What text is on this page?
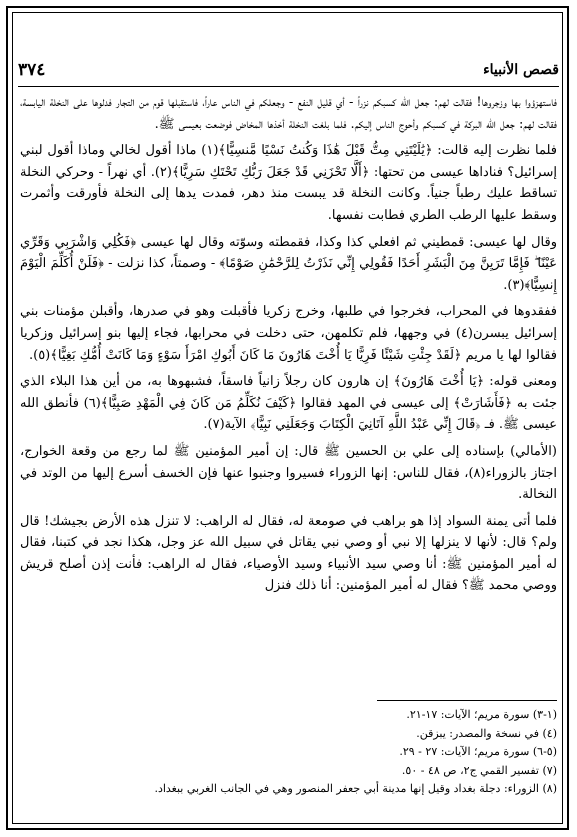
قصص الأنبياء
٣٧٤

فاستهزؤوا بها وزجروها! فقالت لهم: جعل الله كسبكم نزراً - أي قليل النفع - وجعلكم في الناس عاراً، فاستقبلها قوم من التجار فدلوها على النخلة اليابسة، فقالت لهم: جعل الله البركة في كسبكم وأحوج الناس إليكم. فلما بلغت النخلة أخذها المخاض فوضعت بعيسى ﷺ.

فلما نظرت إليه قالت: ﴿يَٰلَيْتَنِي مِتُّ قَبْلَ هَٰذَا وَكُنتُ نَسْيًا مَّنسِيًّا﴾(١) ماذا أقول لخالي وماذا أقول لبني إسرائيل؟ فناداها عيسى من تحتها: ﴿أَلَّا تَحْزَنِي قَدْ جَعَلَ رَبُّكِ تَحْتَكِ سَرِيًّا﴾(٢). أي نهراً - وحركي النخلة تساقط عليك رطباً جنياً. وكانت النخلة قد يبست منذ دهر، فمدت يدها إلى النخلة فأورقت وأثمرت وسقط عليها الرطب الطري فطابت نفسها.

وقال لها عيسى: قمطيني ثم افعلي كذا وكذا، فقمطته وسوّته وقال لها عيسى ﴿فَكُلِي وَاشْرَبِي وَقَرِّي عَيْنًا ۖ فَإِمَّا تَرَيِنَّ مِنَ الْبَشَرِ أَحَدًا فَقُولِي إِنِّي نَذَرْتُ لِلرَّحْمَٰنِ صَوْمًا﴾ - وصمتاً، كذا نزلت - ﴿فَلَنْ أُكَلِّمَ الْيَوْمَ إِنسِيًّا﴾(٣).

ففقدوها في المحراب، فخرجوا في طلبها، وخرج زكريا فأقبلت وهو في صدرها، وأقبلن مؤمنات بني إسرائيل يبسرن(٤) في وجهها، فلم تكلمهن، حتى دخلت في محرابها، فجاء إليها بنو إسرائيل وزكريا فقالوا لها يا مريم ﴿لَقَدْ جِئْتِ شَيْئًا فَرِيًّا يَا أُخْتَ هَارُونَ مَا كَانَ أَبُوكِ امْرَأَ سَوْءٍ وَمَا كَانَتْ أُمُّكِ بَغِيًّا﴾(٥).

ومعنى قوله: ﴿يَا أُخْتَ هَارُونَ﴾ إن هارون كان رجلاً زانياً فاسقاً، فشبهوها به، من أين هذا البلاء الذي جئت به ﴿فَأَشَارَتْ﴾ إلى عيسى في المهد فقالوا ﴿كَيْفَ نُكَلِّمُ مَن كَانَ فِي الْمَهْدِ صَبِيًّا﴾(٦) فأنطق الله عيسى ﷺ. فـ ﴿قَالَ إِنِّي عَبْدُ اللَّهِ آتَانِيَ الْكِتَابَ وَجَعَلَنِي نَبِيًّا﴾ الآية(٧).

(الأمالي) بإسناده إلى علي بن الحسين ﷺ قال: إن أمير المؤمنين ﷺ لما رجع من وقعة الخوارج، اجتاز بالزوراء(٨)، فقال للناس: إنها الزوراء فسيروا وجنبوا عنها فإن الخسف أسرع إليها من الوتد في النخالة.

فلما أتى يمنة السواد إذا هو براهب في صومعة له، فقال له الراهب: لا تنزل هذه الأرض بجيشك! قال ولم؟ قال: لأنها لا ينزلها إلا نبي أو وصي نبي يقاتل في سبيل الله عز وجل، هكذا نجد في كتبنا، فقال له أمير المؤمنين ﷺ: أنا وصي سيد الأنبياء وسيد الأوصياء، فقال له الراهب: فأنت إذن أصلح قريش ووصي محمد ﷺ؟ فقال له أمير المؤمنين: أنا ذلك فنزل

(١-٣) سورة مريم؛ الآيات: ١٧-٢١.
(٤) في نسخة والمصدر: يبزقن.
(٥-٦) سورة مريم؛ الآيات: ٢٧ - ٢٩.
(٧) تفسير القمي ج٢، ص ٤٨ - ٥٠.
(٨) الزوراء: دجلة بغداد وقيل إنها مدينة أبي جعفر المنصور وهي في الجانب الغربي ببغداد.
